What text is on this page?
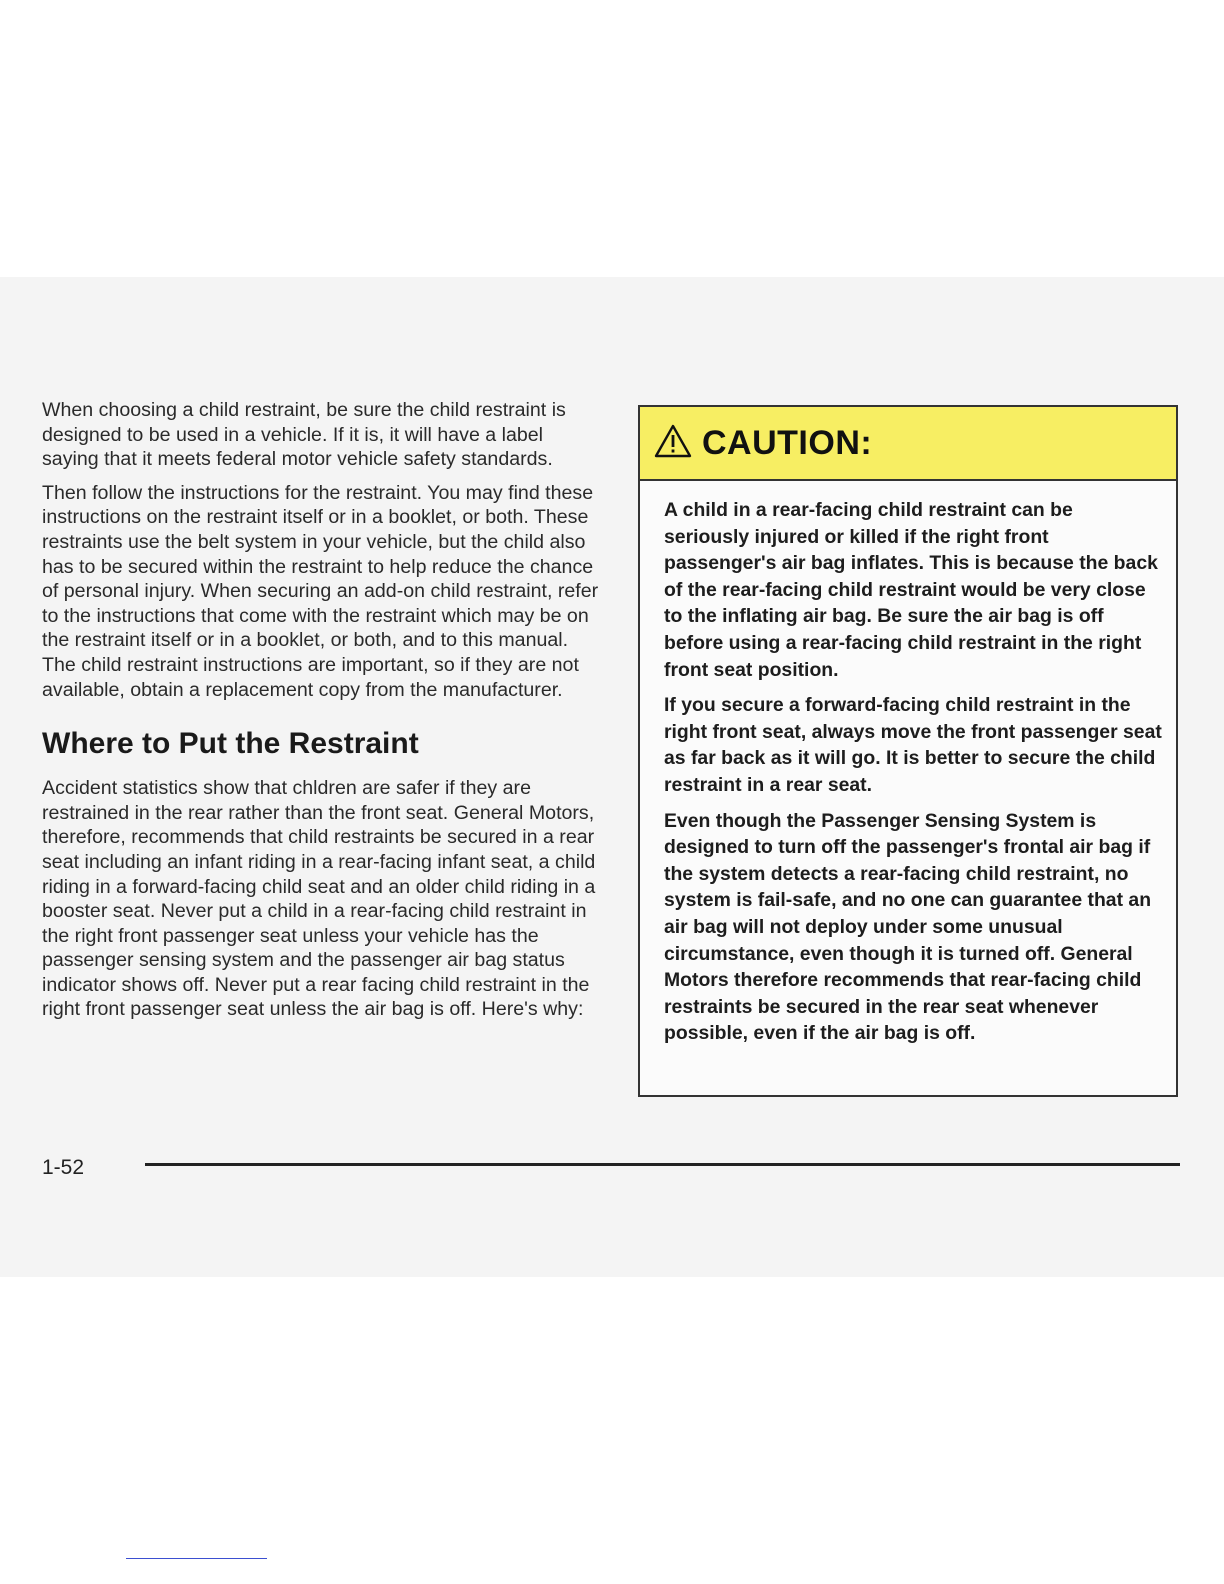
When choosing a child restraint, be sure the child restraint is designed to be used in a vehicle. If it is, it will have a label saying that it meets federal motor vehicle safety standards.

Then follow the instructions for the restraint. You may find these instructions on the restraint itself or in a booklet, or both. These restraints use the belt system in your vehicle, but the child also has to be secured within the restraint to help reduce the chance of personal injury. When securing an add-on child restraint, refer to the instructions that come with the restraint which may be on the restraint itself or in a booklet, or both, and to this manual. The child restraint instructions are important, so if they are not available, obtain a replacement copy from the manufacturer.

Where to Put the Restraint

Accident statistics show that chldren are safer if they are restrained in the rear rather than the front seat. General Motors, therefore, recommends that child restraints be secured in a rear seat including an infant riding in a rear-facing infant seat, a child riding in a forward-facing child seat and an older child riding in a booster seat. Never put a child in a rear-facing child restraint in the right front passenger seat unless your vehicle has the passenger sensing system and the passenger air bag status indicator shows off. Never put a rear facing child restraint in the right front passenger seat unless the air bag is off. Here's why:

CAUTION:

A child in a rear-facing child restraint can be seriously injured or killed if the right front passenger's air bag inflates. This is because the back of the rear-facing child restraint would be very close to the inflating air bag. Be sure the air bag is off before using a rear-facing child restraint in the right front seat position.

If you secure a forward-facing child restraint in the right front seat, always move the front passenger seat as far back as it will go. It is better to secure the child restraint in a rear seat.

Even though the Passenger Sensing System is designed to turn off the passenger's frontal air bag if the system detects a rear-facing child restraint, no system is fail-safe, and no one can guarantee that an air bag will not deploy under some unusual circumstance, even though it is turned off. General Motors therefore recommends that rear-facing child restraints be secured in the rear seat whenever possible, even if the air bag is off.

1-52
